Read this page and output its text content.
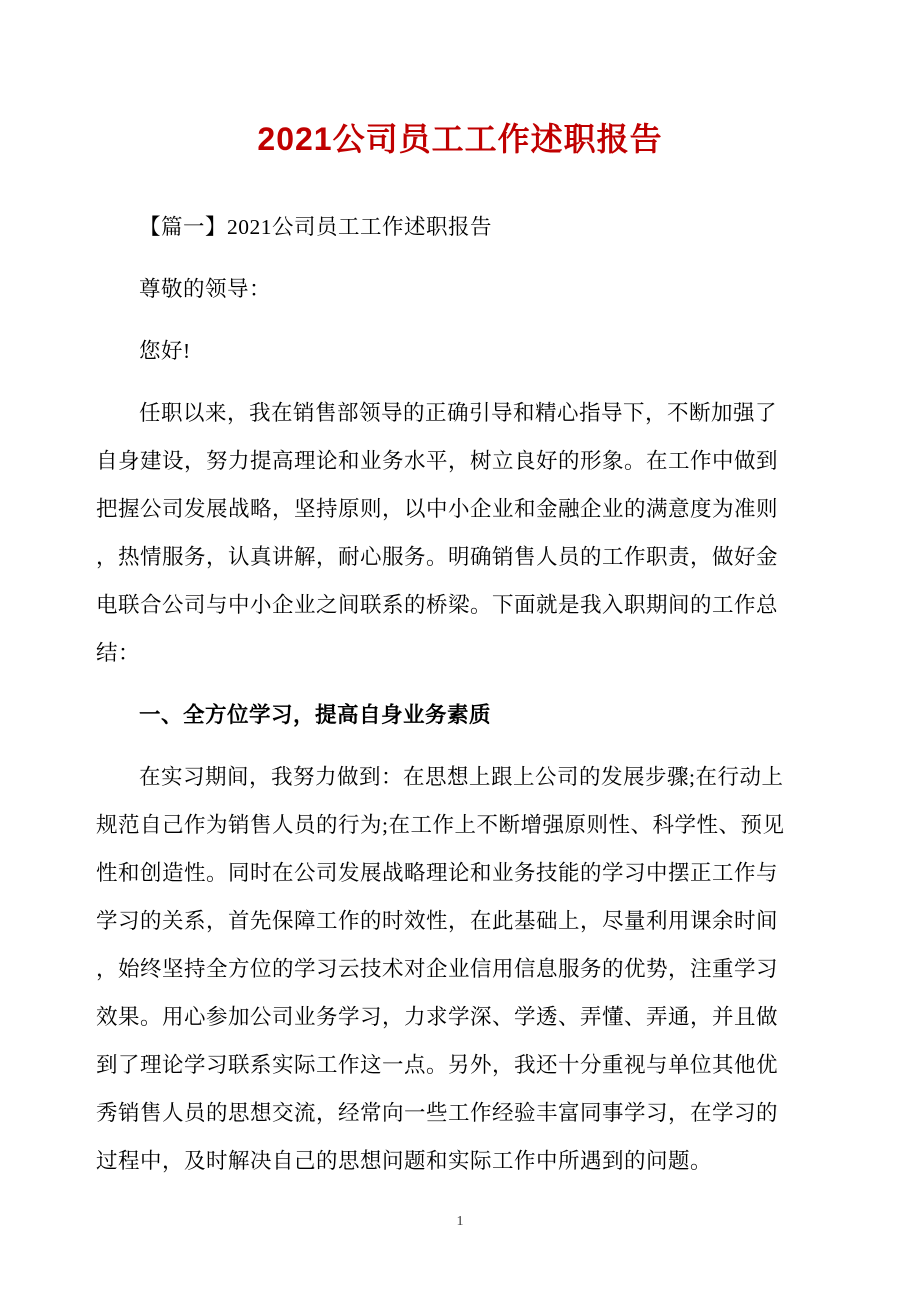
2021公司员工工作述职报告
【篇一】2021公司员工工作述职报告
尊敬的领导：
您好!
任职以来，我在销售部领导的正确引导和精心指导下，不断加强了
自身建设，努力提高理论和业务水平，树立良好的形象。在工作中做到
把握公司发展战略，坚持原则，以中小企业和金融企业的满意度为准则
，热情服务，认真讲解，耐心服务。明确销售人员的工作职责，做好金
电联合公司与中小企业之间联系的桥梁。下面就是我入职期间的工作总
结：
一、全方位学习，提高自身业务素质
在实习期间，我努力做到：在思想上跟上公司的发展步骤;在行动上
规范自己作为销售人员的行为;在工作上不断增强原则性、科学性、预见
性和创造性。同时在公司发展战略理论和业务技能的学习中摆正工作与
学习的关系，首先保障工作的时效性，在此基础上，尽量利用课余时间
，始终坚持全方位的学习云技术对企业信用信息服务的优势，注重学习
效果。用心参加公司业务学习，力求学深、学透、弄懂、弄通，并且做
到了理论学习联系实际工作这一点。另外，我还十分重视与单位其他优
秀销售人员的思想交流，经常向一些工作经验丰富同事学习，在学习的
过程中，及时解决自己的思想问题和实际工作中所遇到的问题。
1
